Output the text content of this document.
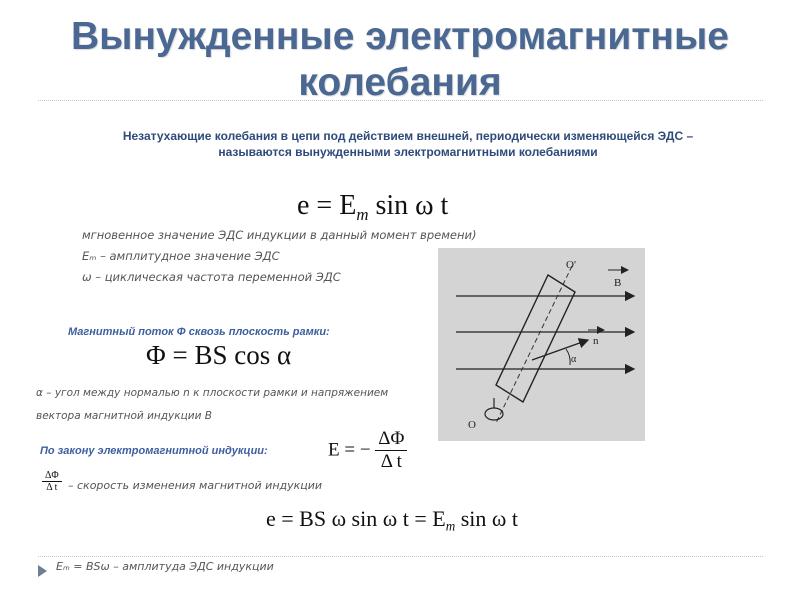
Вынужденные электромагнитные колебания
Незатухающие колебания в цепи под действием внешней, периодически изменяющейся ЭДС – называются вынужденными электромагнитными колебаниями
$e = E_m$ sin ω t
мгновенное значение ЭДС индукции в данный момент времени)
Eₘ – амплитудное значение ЭДС
ω – циклическая частота переменной ЭДС
Магнитный поток Φ сквозь плоскость рамки:
Φ = BS cos α
α – угол между нормалью n к плоскости рамки и напряжением
вектора магнитной индукции B
По закону электромагнитной индукции:	E = − $\frac{\Delta\Phi}{\text{Δ t}}$
$\frac{\Delta\Phi}{\text{Δ t}}$ – скорость изменения магнитной индукции
e = BS ω sin ω $t = E_m$ sin ω t
Eₘ = BSω – амплитуда ЭДС индукции
O'
B
n
α
O
